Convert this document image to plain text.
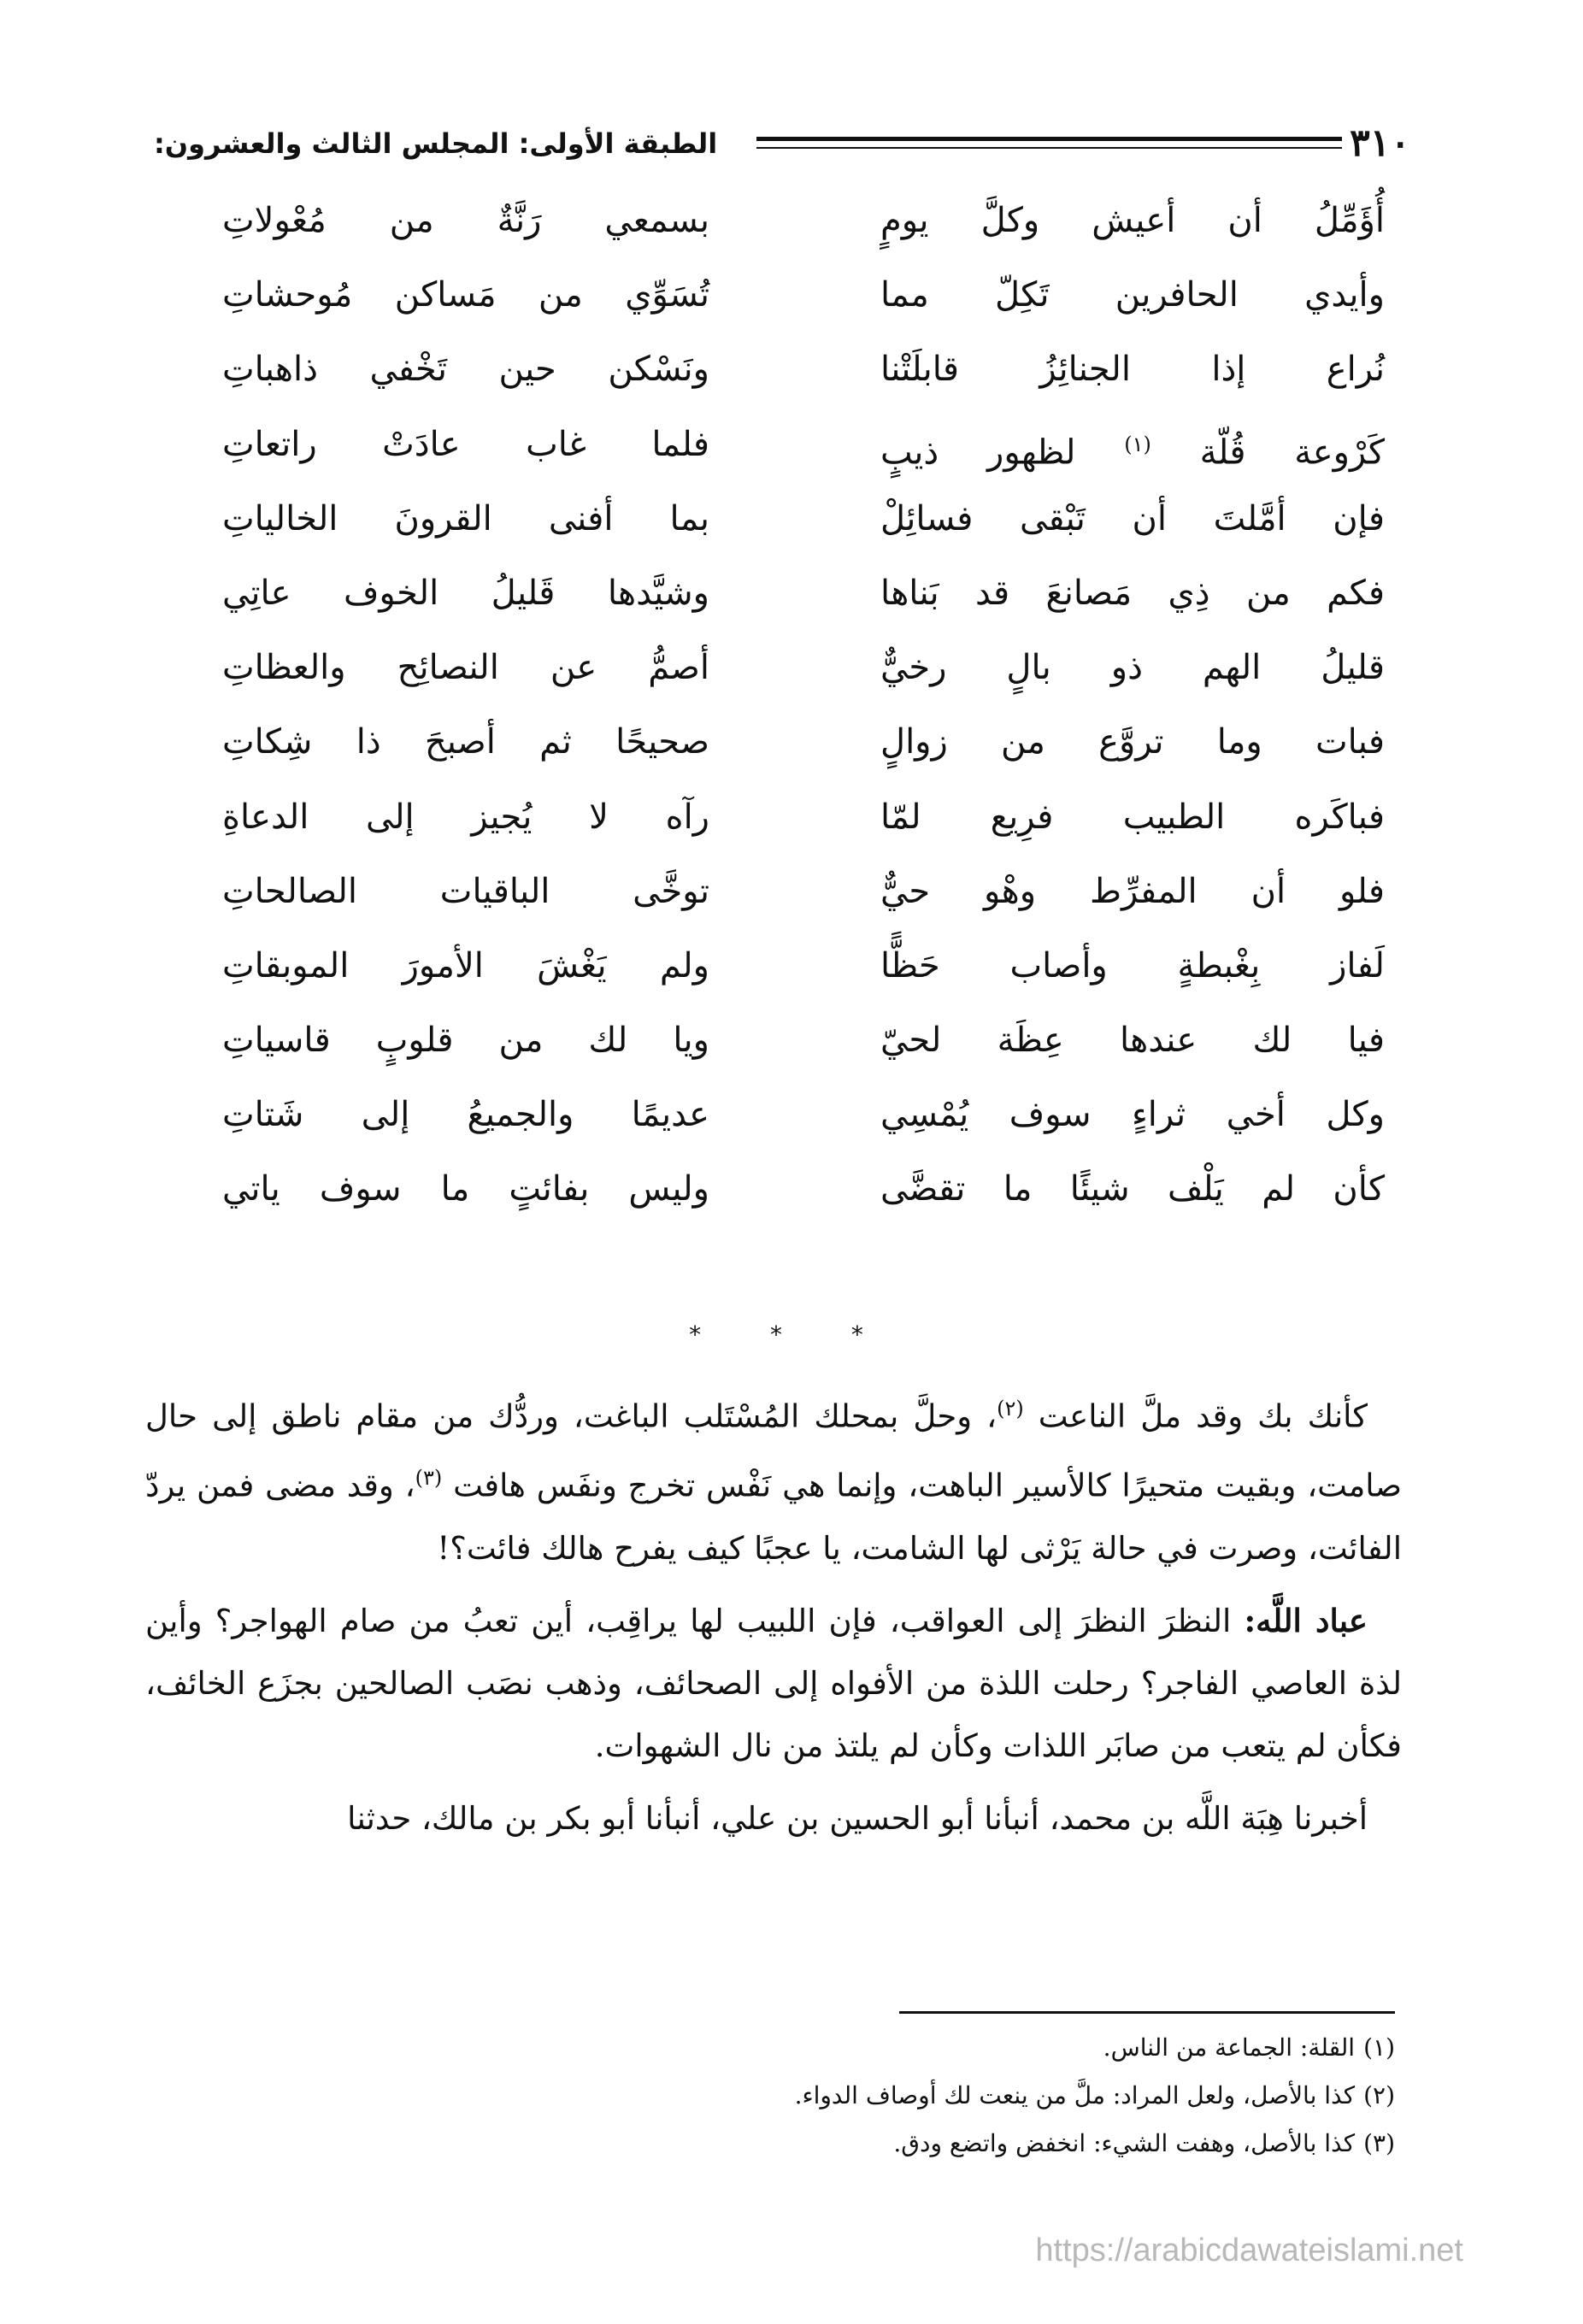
٣١٠
الطبقة الأولى: المجلس الثالث والعشرون:
أُؤَمِّلُ أن أعيش وكلَّ يومٍ
بسمعي رَنَّةٌ من مُعْولاتِ
وأيدي الحافرين تَكِلّ مما
تُسَوِّي من مَساكن مُوحشاتِ
نُراع إذا الجنائِزُ قابلَتْنا
ونَسْكن حين تَخْفي ذاهباتِ
كَرْوعة قُلّة $^{(١)}$ لظهور ذيبٍ
فلما غاب عادَتْ راتعاتِ
فإن أمَّلتَ أن تَبْقى فسائِلْ
بما أفنى القرونَ الخالياتِ
فكم من ذِي مَصانعَ قد بَناها
وشيَّدها قَليلُ الخوف عاتِي
قليلُ الهم ذو بالٍ رخيٌّ
أصمُّ عن النصائِح والعظاتِ
فبات وما تروَّع من زوالٍ
صحيحًا ثم أصبحَ ذا شِكاتِ
فباكَره الطبيب فرِيع لمّا
رآه لا يُجيز إلى الدعاةِ
فلو أن المفرِّط وهْو حيٌّ
توخَّى الباقيات الصالحاتِ
لَفاز بِغْبطةٍ وأصاب حَظًّا
ولم يَغْشَ الأمورَ الموبقاتِ
فيا لك عندها عِظَة لحيّ
ويا لك من قلوبٍ قاسياتِ
وكل أخي ثراءٍ سوف يُمْسِي
عديمًا والجميعُ إلى شَتاتِ
كأن لم يَلْف شيئًا ما تقضَّى
وليس بفائتٍ ما سوف ياتي
* * *

كأنك بك وقد ملَّ الناعت $^{(٢)}$، وحلَّ بمحلك المُسْتَلب الباغت، وردُّك من مقام ناطق إلى حال صامت، وبقيت متحيرًا كالأسير الباهت، وإنما هي نَفْس تخرج ونفَس هافت $^{(٣)}$، وقد مضى فمن يردّ الفائت، وصرت في حالة يَرْثى لها الشامت، يا عجبًا كيف يفرح هالك فائت؟!

عباد اللَّه: النظرَ النظرَ إلى العواقب، فإن اللبيب لها يراقِب، أين تعبُ من صام الهواجر؟ وأين لذة العاصي الفاجر؟ رحلت اللذة من الأفواه إلى الصحائف، وذهب نصَب الصالحين بجزَع الخائف، فكأن لم يتعب من صابَر اللذات وكأن لم يلتذ من نال الشهوات.

أخبرنا هِبَة اللَّه بن محمد، أنبأنا أبو الحسين بن علي، أنبأنا أبو بكر بن مالك، حدثنا

(١)القلة: الجماعة من الناس.
(٢)كذا بالأصل، ولعل المراد: ملَّ من ينعت لك أوصاف الدواء.
(٣)كذا بالأصل، وهفت الشيء: انخفض واتضع ودق.
https://arabicdawateislami.net
